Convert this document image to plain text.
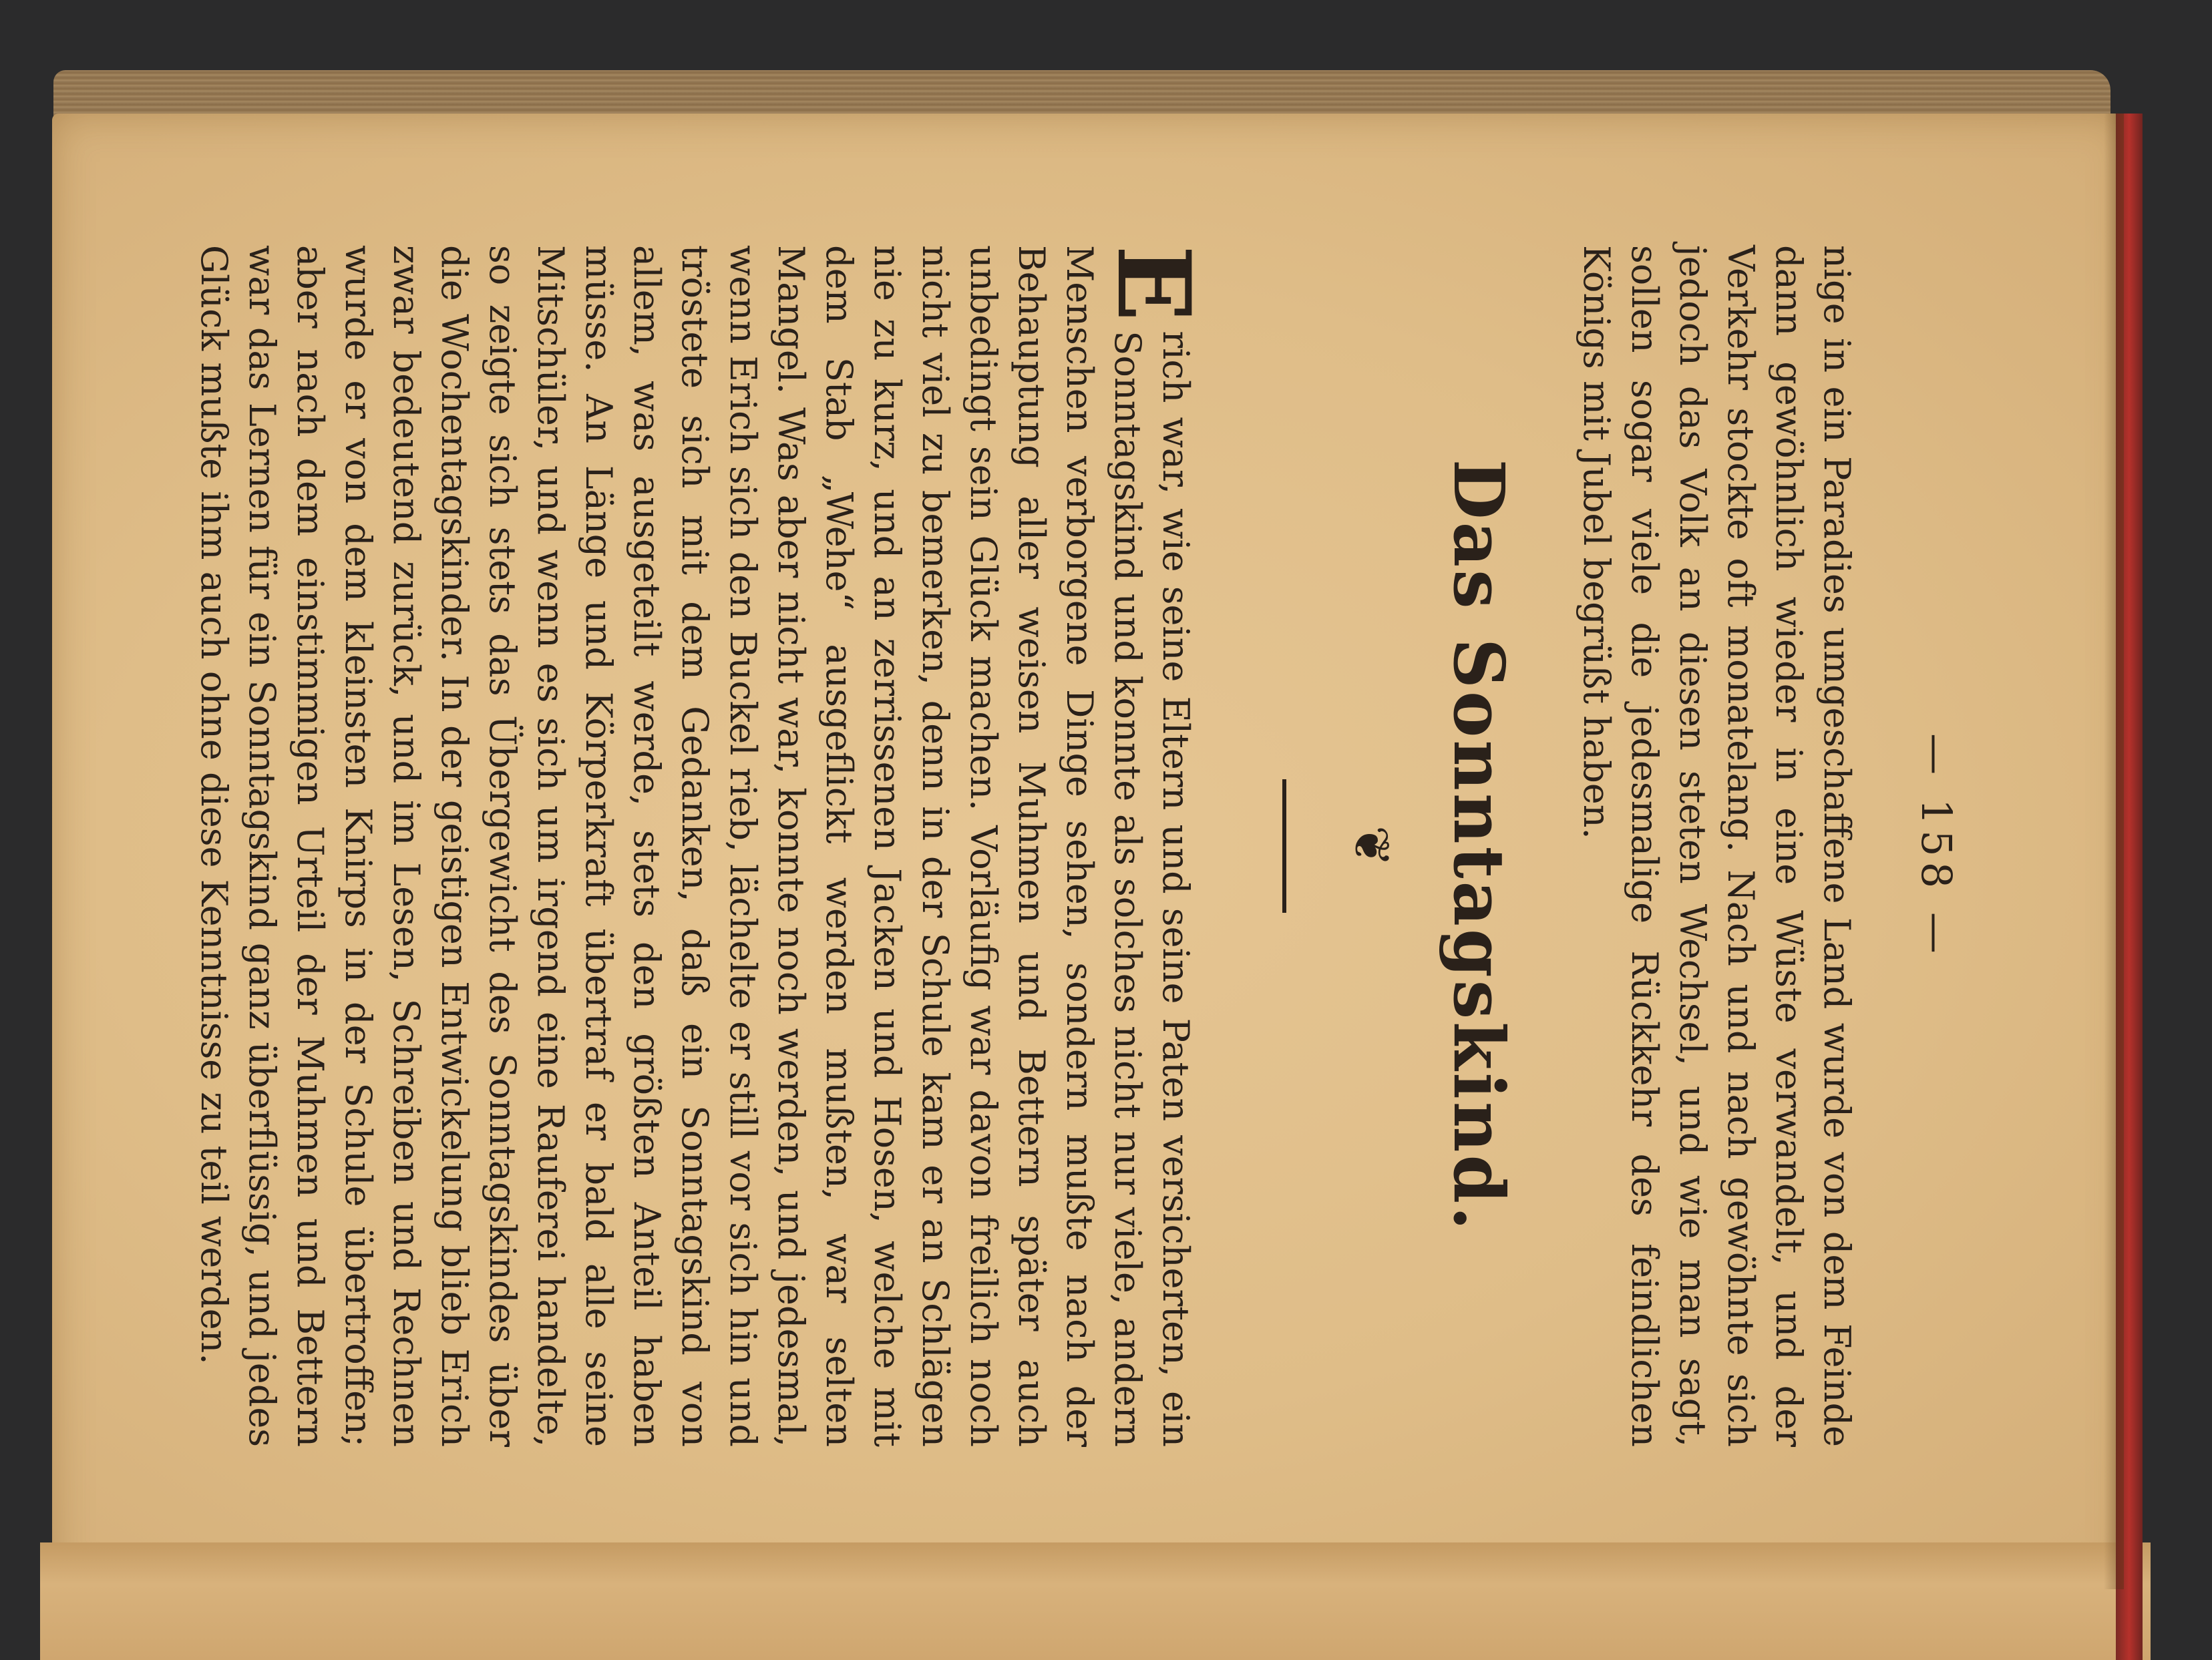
— 158 —
nige in ein Paradies umgeschaffene Land wurde von dem Feinde dann gewöhnlich wieder in eine Wüste verwandelt, und der Verkehr stockte oft monatelang. Nach und nach gewöhnte sich jedoch das Volk an diesen steten Wechsel, und wie man sagt, sollen sogar viele die jedesmalige Rückkehr des feindlichen Königs mit Jubel begrüßt haben.
Das Sonntagskind.
❦
E
rich war, wie seine Eltern und seine Paten versicherten, ein Sonntagskind und konnte als solches nicht nur viele, andern Menschen verborgene Dinge sehen, sondern mußte nach der Behauptung aller weisen Muhmen und Bettern später auch unbedingt sein Glück machen. Vorläufig war davon freilich noch nicht viel zu bemerken, denn in der Schule kam er an Schlägen nie zu kurz, und an zerrissenen Jacken und Hosen, welche mit dem Stab „Wehe“ ausgeflickt werden mußten, war selten Mangel. Was aber nicht war, konnte noch werden, und jedesmal, wenn Erich sich den Buckel rieb, lächelte er still vor sich hin und tröstete sich mit dem Gedanken, daß ein Sonntagskind von allem, was ausgeteilt werde, stets den größten Anteil haben müsse. An Länge und Körperkraft übertraf er bald alle seine Mitschüler, und wenn es sich um irgend eine Rauferei handelte, so zeigte sich stets das Übergewicht des Sonntagskindes über die Wochentagskinder. In der geistigen Entwickelung blieb Erich zwar bedeutend zurück, und im Lesen, Schreiben und Rechnen wurde er von dem kleinsten Knirps in der Schule übertroffen; aber nach dem einstimmigen Urteil der Muhmen und Bettern war das Lernen für ein Sonntagskind ganz überflüssig, und jedes Glück mußte ihm auch ohne diese Kenntnisse zu teil werden.
